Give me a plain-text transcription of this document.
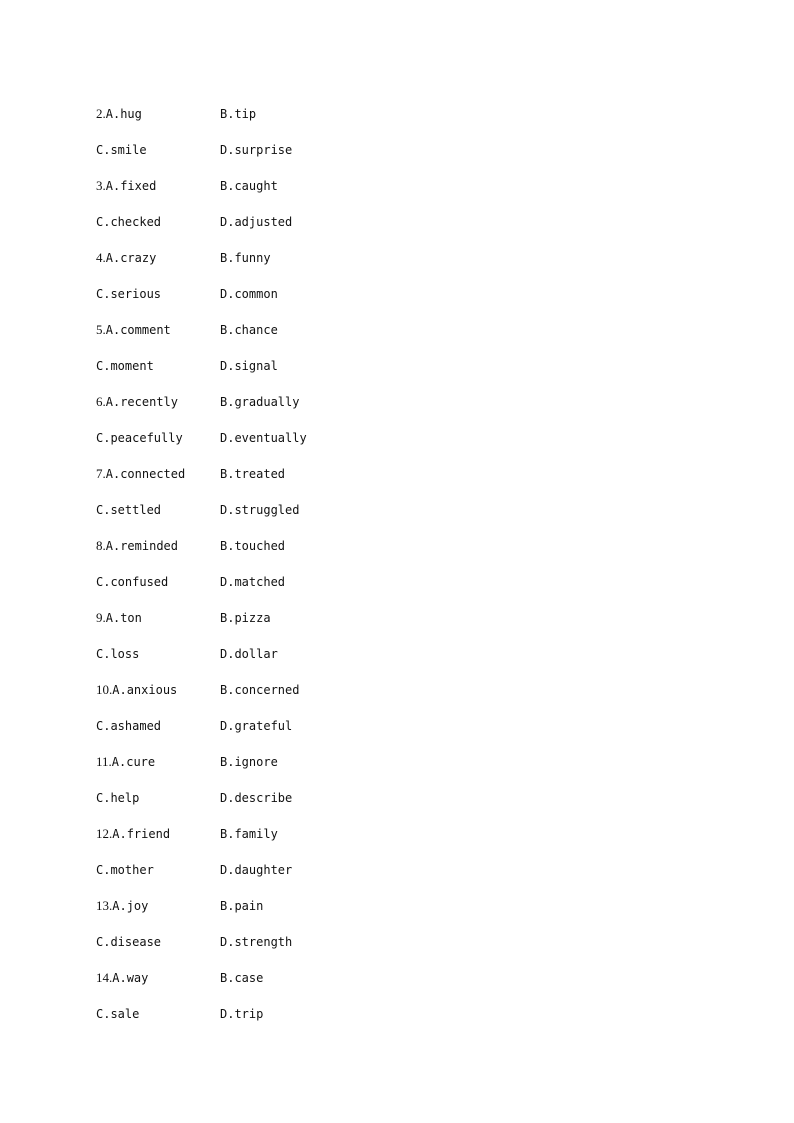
2.A.hug	B.tip
C.smile	D.surprise
3.A.fixed	B.caught
C.checked	D.adjusted
4.A.crazy	B.funny
C.serious	D.common
5.A.comment	B.chance
C.moment	D.signal
6.A.recently	B.gradually
C.peacefully	D.eventually
7.A.connected	B.treated
C.settled	D.struggled
8.A.reminded	B.touched
C.confused	D.matched
9.A.ton	B.pizza
C.loss	D.dollar
10.A.anxious	B.concerned
C.ashamed	D.grateful
11.A.cure	B.ignore
C.help	D.describe
12.A.friend	B.family
C.mother	D.daughter
13.A.joy	B.pain
C.disease	D.strength
14.A.way	B.case
C.sale	D.trip
